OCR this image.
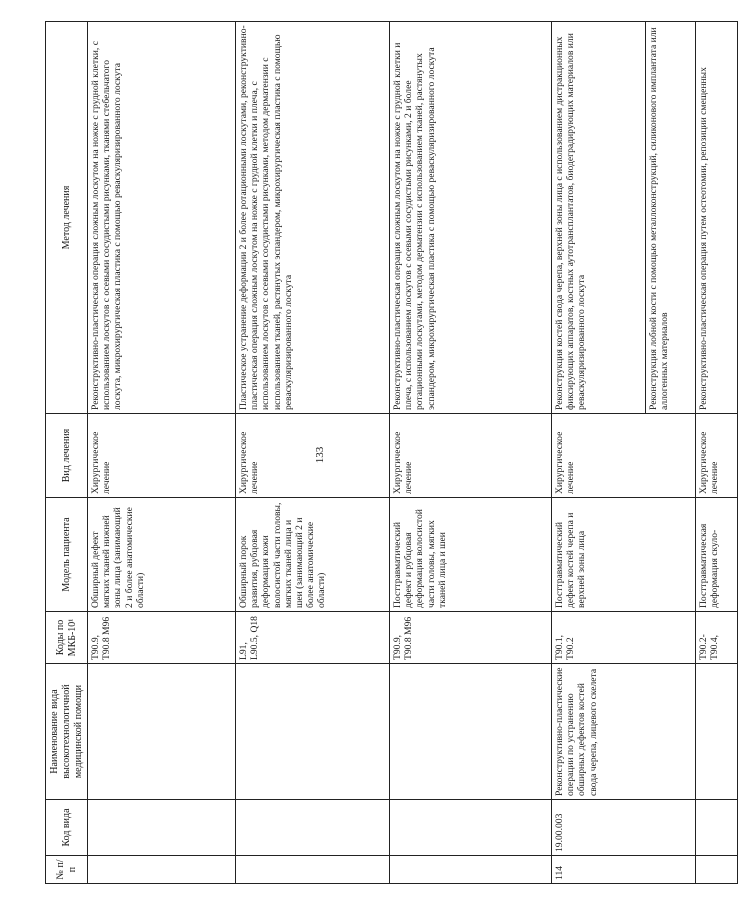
133
№ п/п	Код вида	Наименование вида высокотехнологичной медицинской помощи	Коды по МКБ-10¹	Модель пациента	Вид лечения	Метод лечения
			T90.9, T90.8 M96	Обширный дефект мягких тканей нижней зоны лица (занимающий 2 и более анатомические области)	Хирургическое лечение	Реконструктивно-пластическая операция сложным лоскутом на ножке с грудной клетки, с использованием лоскутов с осевыми сосудистыми рисунками, тканями стебельчатого лоскута, микрохирургическая пластика с помощью реваскуляризированного лоскута
			L91, L90.5, Q18	Обширный порок развития, рубцовая деформация кожи волосистой части головы, мягких тканей лица и шеи (занимающий 2 и более анатомические области)	Хирургическое лечение	Пластическое устранение деформации 2 и более ротационными лоскутами, реконструктивно-пластическая операция сложным лоскутом на ножке с грудной клетки и плеча, с использованием лоскутов с осевыми сосудистыми рисунками, методом дерматензии с использованием тканей, растянутых эспандером, микрохирургическая пластика с помощью реваскуляризированного лоскута
			T90.9, T90.8 M96	Посттравматический дефект и рубцовая деформация волосистой части головы, мягких тканей лица и шеи	Хирургическое лечение	Реконструктивно-пластическая операция сложным лоскутом на ножке с грудной клетки и плеча, с использованием лоскутов с осевыми сосудистыми рисунками, 2 и более ротационными лоскутами, методом дерматензии с использованием тканей, растянутых эспандером, микрохирургическая пластика с помощью реваскуляризированного лоскута
114	19.00.003	Реконструктивно-пластические операции по устранению обширных дефектов костей свода черепа, лицевого скелета	T90.1, T90.2	Посттравматический дефект костей черепа и верхней зоны лица	Хирургическое лечение	Реконструкция костей свода черепа, верхней зоны лица с использованием дистракционных фиксирующих аппаратов, костных аутотрансплантатов, биодеградирующих материалов или реваскуляризированного лоскута
						Реконструкция лобной кости с помощью металлоконструкций, силиконового имплантата или аллогенных материалов
			T90.2-T90.4,	Посттравматическая деформация скуло-	Хирургическое лечение	Реконструктивно-пластическая операция путем остеотомии, репозиции смещенных
